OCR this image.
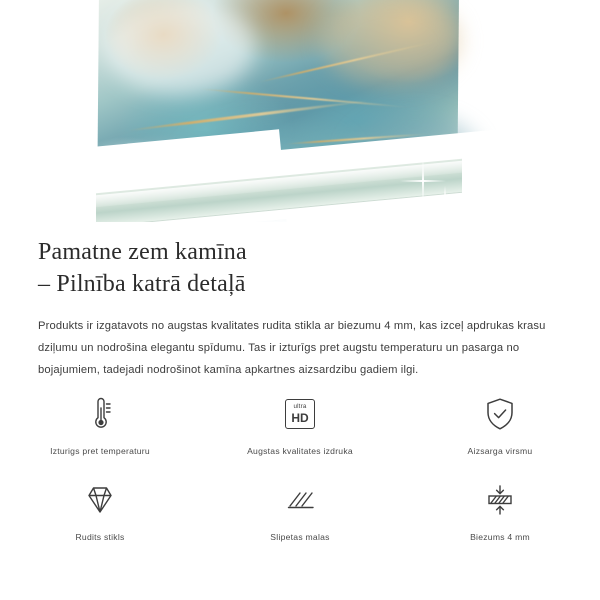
Pamatne zem kamīna
– Pilnība katrā detaļā

Produkts ir izgatavots no augstas kvalitates rudita stikla ar biezumu 4 mm, kas izceļ apdrukas krasu dziļumu un nodrošina elegantu spīdumu. Tas ir izturīgs pret augstu temperaturu un pasarga no bojajumiem, tadejadi nodrošinot kamīna apkartnes aizsardzibu gadiem ilgi.

Izturigs pret temperaturu
ultra
HD
Augstas kvalitates izdruka	Aizsarga virsmu
Rudits stikls	Slipetas malas	Biezums 4 mm
